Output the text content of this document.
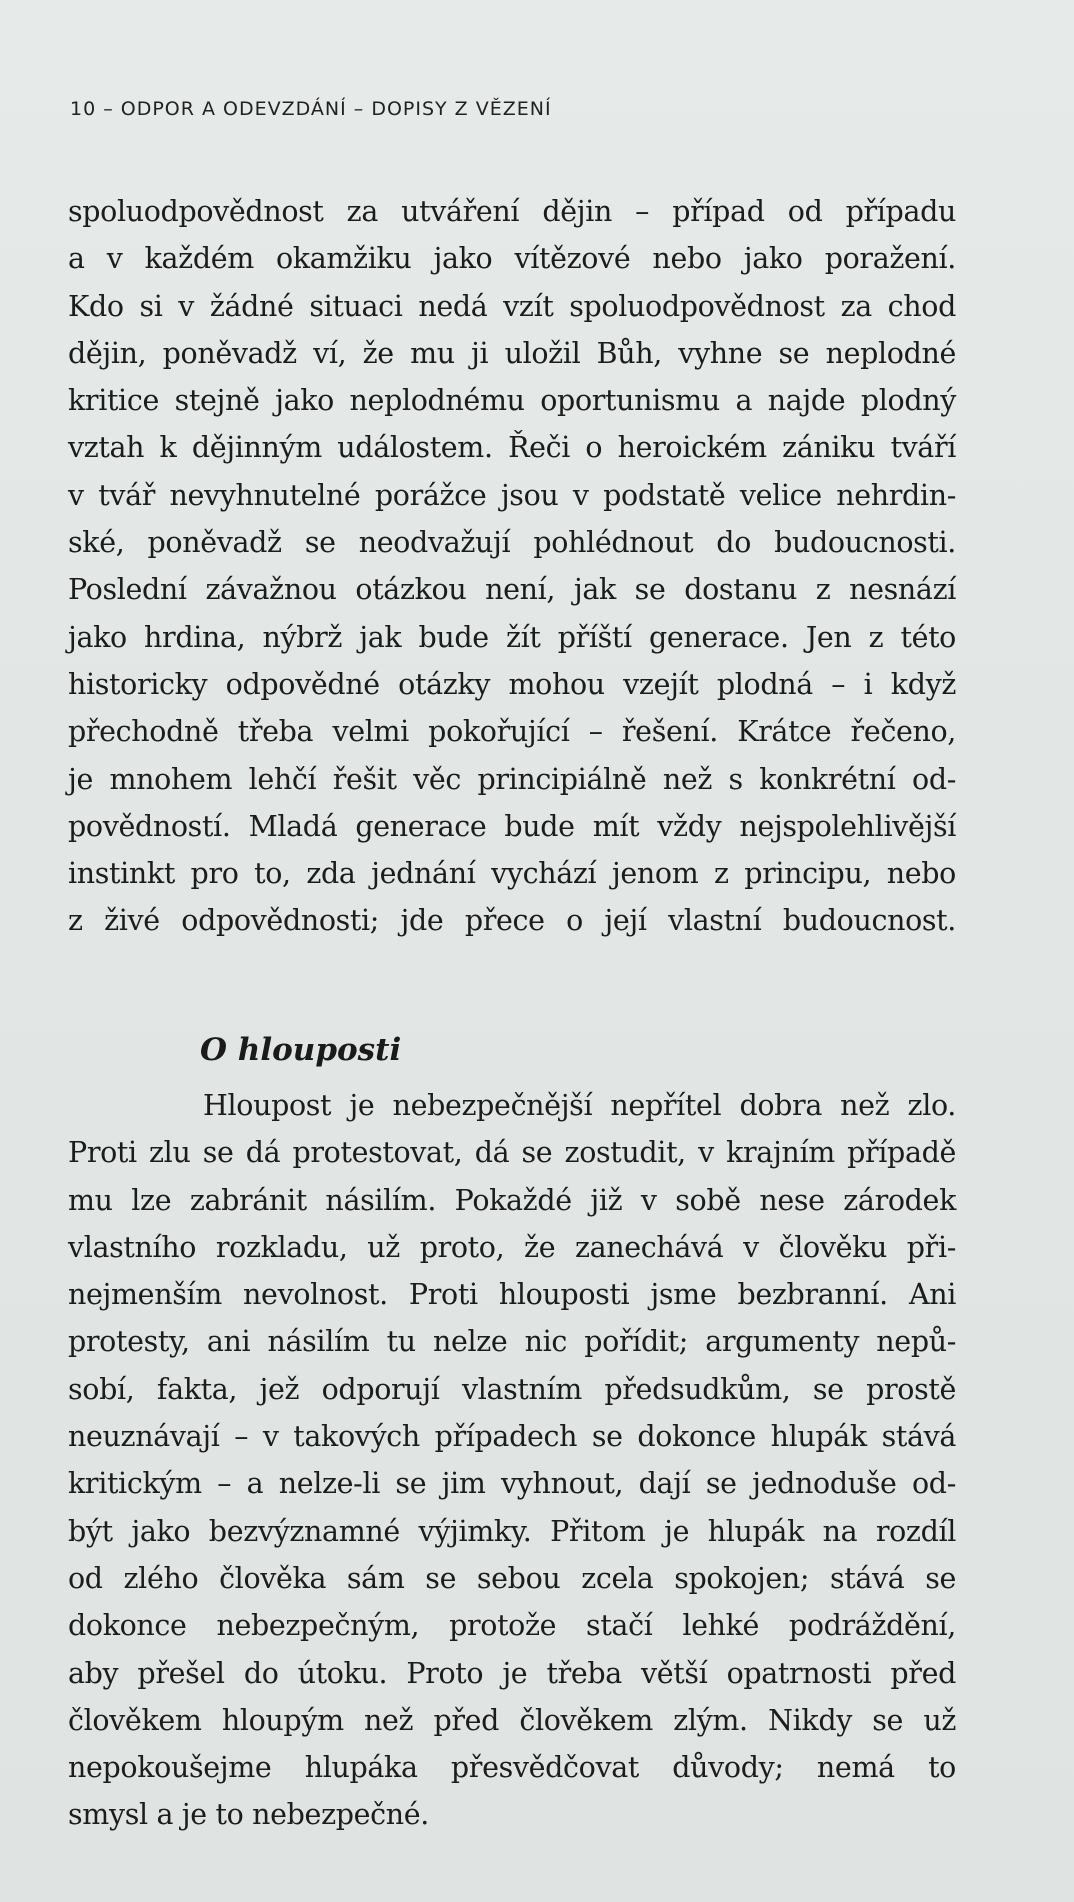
10 – ODPOR A ODEVZDÁNÍ – DOPISY Z VĚZENÍ
spoluodpovědnost za utváření dějin – případ od případu
a v každém okamžiku jako vítězové nebo jako poražení.
Kdo si v žádné situaci nedá vzít spoluodpovědnost za chod
dějin, poněvadž ví, že mu ji uložil Bůh, vyhne se neplodné
kritice stejně jako neplodnému oportunismu a najde plodný
vztah k dějinným událostem. Řeči o heroickém zániku tváří
v tvář nevyhnutelné porážce jsou v podstatě velice nehrdin-
ské, poněvadž se neodvažují pohlédnout do budoucnosti.
Poslední závažnou otázkou není, jak se dostanu z nesnází
jako hrdina, nýbrž jak bude žít příští generace. Jen z této
historicky odpovědné otázky mohou vzejít plodná – i když
přechodně třeba velmi pokořující – řešení. Krátce řečeno,
je mnohem lehčí řešit věc principiálně než s konkrétní od-
povědností. Mladá generace bude mít vždy nejspolehlivější
instinkt pro to, zda jednání vychází jenom z principu, nebo
z živé odpovědnosti; jde přece o její vlastní budoucnost.
O hlouposti
Hloupost je nebezpečnější nepřítel dobra než zlo.
Proti zlu se dá protestovat, dá se zostudit, v krajním případě
mu lze zabránit násilím. Pokaždé již v sobě nese zárodek
vlastního rozkladu, už proto, že zanechává v člověku při-
nejmenším nevolnost. Proti hlouposti jsme bezbranní. Ani
protesty, ani násilím tu nelze nic pořídit; argumenty nepů-
sobí, fakta, jež odporují vlastním předsudkům, se prostě
neuznávají – v takových případech se dokonce hlupák stává
kritickým – a nelze-li se jim vyhnout, dají se jednoduše od-
být jako bezvýznamné výjimky. Přitom je hlupák na rozdíl
od zlého člověka sám se sebou zcela spokojen; stává se
dokonce nebezpečným, protože stačí lehké podráždění,
aby přešel do útoku. Proto je třeba větší opatrnosti před
člověkem hloupým než před člověkem zlým. Nikdy se už
nepokoušejme hlupáka přesvědčovat důvody; nemá to
smysl a je to nebezpečné.
